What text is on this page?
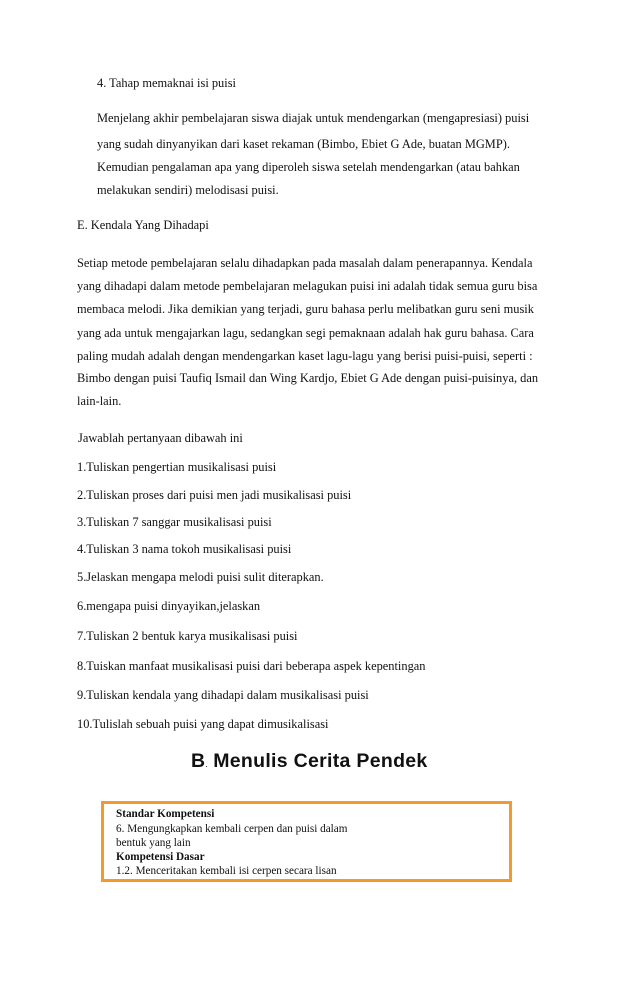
4. Tahap memaknai isi puisi
Menjelang akhir pembelajaran siswa diajak untuk mendengarkan (mengapresiasi) puisi
yang sudah dinyanyikan dari kaset rekaman (Bimbo, Ebiet G Ade, buatan MGMP).
Kemudian pengalaman apa yang diperoleh siswa setelah mendengarkan (atau bahkan
melakukan sendiri) melodisasi puisi.
E. Kendala Yang Dihadapi
Setiap metode pembelajaran selalu dihadapkan pada masalah dalam penerapannya. Kendala
yang dihadapi dalam metode pembelajaran melagukan puisi ini adalah tidak semua guru bisa
membaca melodi. Jika demikian yang terjadi, guru bahasa perlu melibatkan guru seni musik
yang ada untuk mengajarkan lagu, sedangkan segi pemaknaan adalah hak guru bahasa. Cara
paling mudah adalah dengan mendengarkan kaset lagu-lagu yang berisi puisi-puisi, seperti :
Bimbo dengan puisi Taufiq Ismail dan Wing Kardjo, Ebiet G Ade dengan puisi-puisinya, dan
lain-lain.
Jawablah pertanyaan dibawah ini
1.Tuliskan pengertian musikalisasi puisi
2.Tuliskan proses dari puisi men jadi musikalisasi puisi
3.Tuliskan 7 sanggar musikalisasi puisi
4.Tuliskan 3 nama tokoh musikalisasi puisi
5.Jelaskan mengapa melodi puisi sulit diterapkan.
6.mengapa puisi dinyayikan,jelaskan
7.Tuliskan 2 bentuk karya musikalisasi puisi
8.Tuiskan manfaat musikalisasi puisi dari beberapa aspek kepentingan
9.Tuliskan kendala yang dihadapi dalam musikalisasi puisi
10.Tulislah sebuah puisi yang dapat dimusikalisasi
B. Menulis Cerita Pendek
Standar Kompetensi
6. Mengungkapkan kembali cerpen dan puisi dalam
bentuk yang lain
Kompetensi Dasar
1.2. Menceritakan kembali isi cerpen secara lisan
